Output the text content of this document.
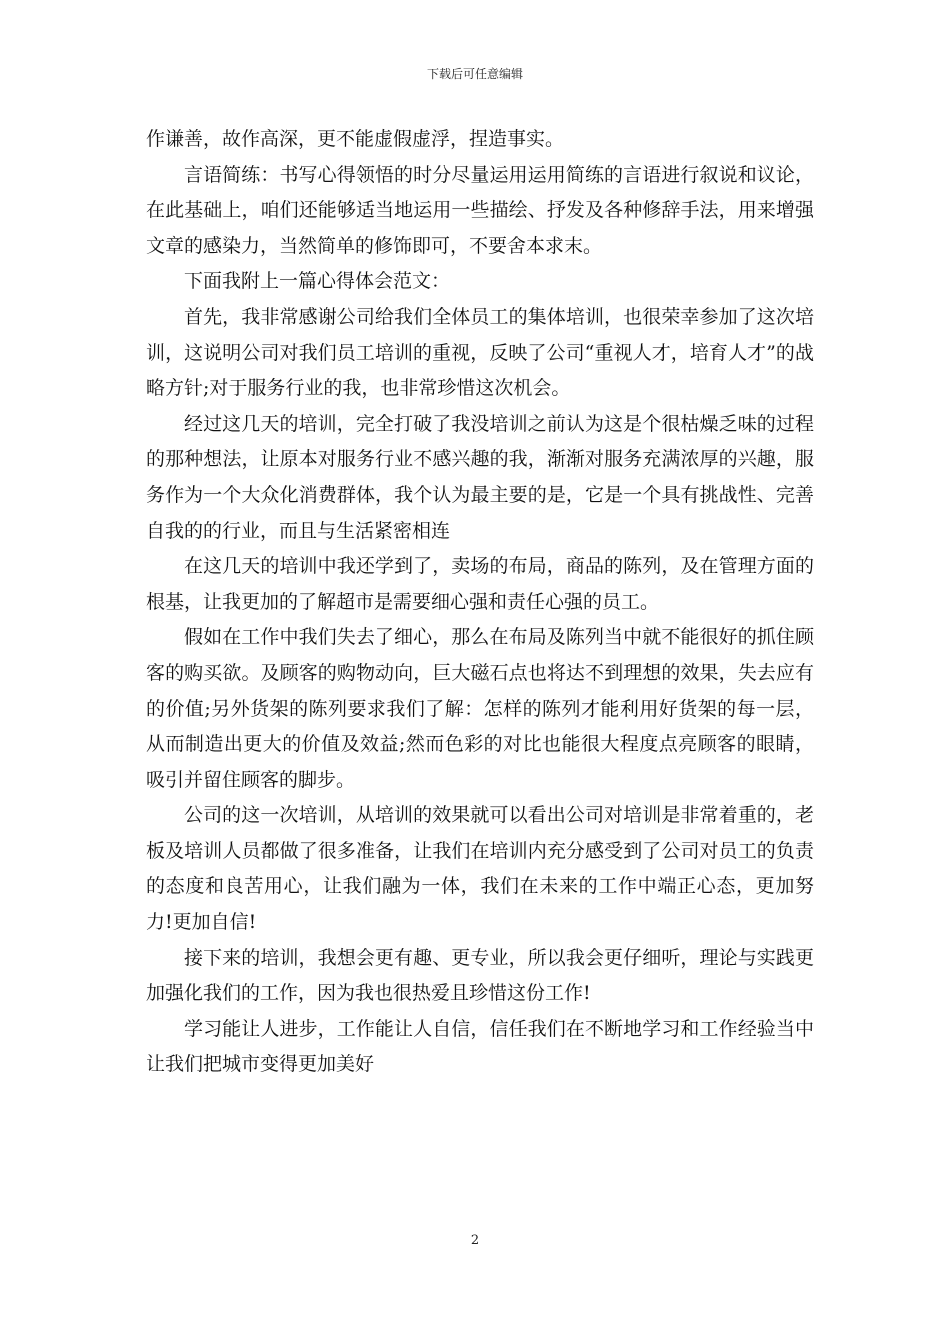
下载后可任意编辑

作谦善，故作高深，更不能虚假虚浮，捏造事实。

言语简练：书写心得领悟的时分尽量运用运用简练的言语进行叙说和议论，在此基础上，咱们还能够适当地运用一些描绘、抒发及各种修辞手法，用来增强文章的感染力，当然简单的修饰即可，不要舍本求末。

下面我附上一篇心得体会范文：

首先，我非常感谢公司给我们全体员工的集体培训，也很荣幸参加了这次培训，这说明公司对我们员工培训的重视，反映了公司“重视人才，培育人才”的战略方针;对于服务行业的我，也非常珍惜这次机会。

经过这几天的培训，完全打破了我没培训之前认为这是个很枯燥乏味的过程的那种想法，让原本对服务行业不感兴趣的我，渐渐对服务充满浓厚的兴趣，服务作为一个大众化消费群体，我个认为最主要的是，它是一个具有挑战性、完善自我的的行业，而且与生活紧密相连

在这几天的培训中我还学到了，卖场的布局，商品的陈列，及在管理方面的根基，让我更加的了解超市是需要细心强和责任心强的员工。

假如在工作中我们失去了细心，那么在布局及陈列当中就不能很好的抓住顾客的购买欲。及顾客的购物动向，巨大磁石点也将达不到理想的效果，失去应有的价值;另外货架的陈列要求我们了解：怎样的陈列才能利用好货架的每一层，从而制造出更大的价值及效益;然而色彩的对比也能很大程度点亮顾客的眼睛，吸引并留住顾客的脚步。

公司的这一次培训，从培训的效果就可以看出公司对培训是非常着重的，老板及培训人员都做了很多准备，让我们在培训内充分感受到了公司对员工的负责的态度和良苦用心，让我们融为一体，我们在未来的工作中端正心态，更加努力!更加自信!

接下来的培训，我想会更有趣、更专业，所以我会更仔细听，理论与实践更加强化我们的工作，因为我也很热爱且珍惜这份工作!

学习能让人进步，工作能让人自信，信任我们在不断地学习和工作经验当中让我们把城市变得更加美好

2
